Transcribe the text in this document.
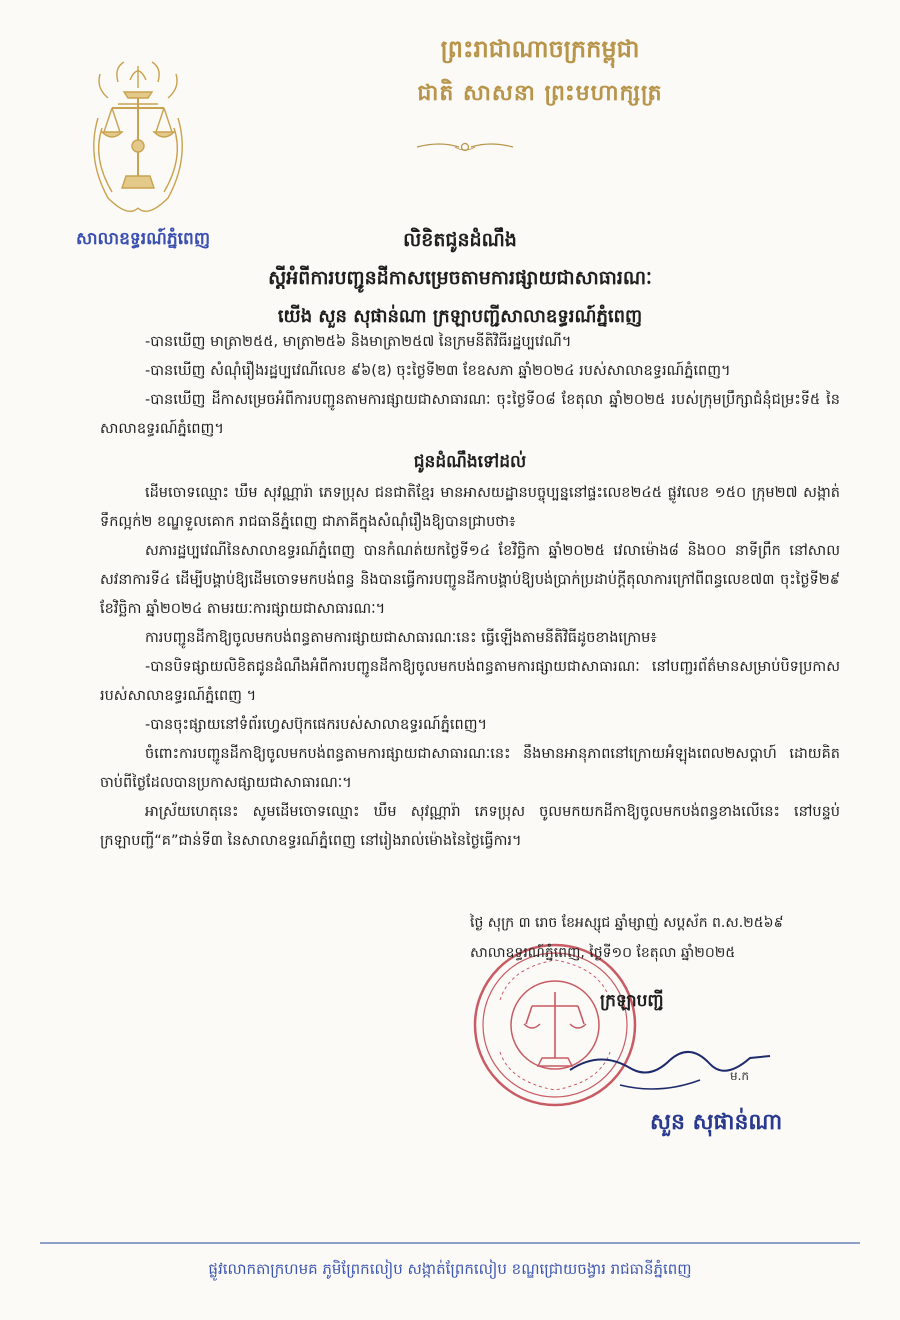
សាលាឧទ្ធរណ៍ភ្នំពេញ
ព្រះរាជាណាចក្រកម្ពុជា
ជាតិ សាសនា ព្រះមហាក្សត្រ
លិខិតជូនដំណឹង
ស្ដីអំពីការបញ្ជូនដីកាសម្រេចតាមការផ្សាយជាសាធារណៈ
យើង សួន សុផាន់ណា ក្រឡាបញ្ជីសាលាឧទ្ធរណ៍ភ្នំពេញ

-បានឃើញ មាត្រា២៥៥, មាត្រា២៥៦ និងមាត្រា២៥៧ នៃក្រមនីតិវិធីរដ្ឋប្បវេណី។

-បានឃើញ សំណុំរឿងរដ្ឋប្បវេណីលេខ ៩៦(ឌ) ចុះថ្ងៃទី២៣ ខែឧសភា ឆ្នាំ២០២៤ របស់សាលាឧទ្ធរណ៍ភ្នំពេញ។

-បានឃើញ ដីកាសម្រេចអំពីការបញ្ជូនតាមការផ្សាយជាសាធារណៈ ចុះថ្ងៃទី០៨ ខែតុលា ឆ្នាំ២០២៥ របស់ក្រុមប្រឹក្សាជំនុំជម្រះទី៥ នៃសាលាឧទ្ធរណ៍ភ្នំពេញ។

ជូនដំណឹងទៅដល់

ដើមចោទឈ្មោះ ឃឹម សុវណ្ណារ៉ា ភេទប្រុស ជនជាតិខ្មែរ មានអាសយដ្ឋានបច្ចុប្បន្ននៅផ្ទះលេខ២៤៥ ផ្លូវលេខ ១៥០ ក្រុម២៧ សង្កាត់ទឹកល្អក់២ ខណ្ឌទួលគោក រាជធានីភ្នំពេញ ជាភាគីក្នុងសំណុំរឿងឱ្យបានជ្រាបថា៖

សភារដ្ឋប្បវេណីនៃសាលាឧទ្ធរណ៍ភ្នំពេញ បានកំណត់យកថ្ងៃទី១៤ ខែវិច្ឆិកា ឆ្នាំ២០២៥ វេលាម៉ោង៨ និង០០ នាទីព្រឹក នៅសាលសវនាការទី៤ ដើម្បីបង្គាប់ឱ្យដើមចោទមកបង់ពន្ធ និងបានធ្វើការបញ្ជូនដីកាបង្គាប់ឱ្យបង់ប្រាក់ប្រដាប់ក្ដីតុលាការក្រៅពីពន្ធលេខ៧៣ ចុះថ្ងៃទី២៩ ខែវិច្ឆិកា ឆ្នាំ២០២៤ តាមរយៈការផ្សាយជាសាធារណៈ។

ការបញ្ជូនដីកាឱ្យចូលមកបង់ពន្ធតាមការផ្សាយជាសាធារណៈនេះ ធ្វើឡើងតាមនីតិវិធីដូចខាងក្រោម៖

-បានបិទផ្សាយលិខិតជូនដំណឹងអំពីការបញ្ជូនដីកាឱ្យចូលមកបង់ពន្ធតាមការផ្សាយជាសាធារណៈ នៅបញ្ជរព័ត៌មានសម្រាប់បិទប្រកាសរបស់សាលាឧទ្ធរណ៍ភ្នំពេញ ។

-បានចុះផ្សាយនៅទំព័រហ្វេសប៊ុកផេករបស់សាលាឧទ្ធរណ៍ភ្នំពេញ។

ចំពោះការបញ្ជូនដីកាឱ្យចូលមកបង់ពន្ធតាមការផ្សាយជាសាធារណៈនេះ នឹងមានអានុភាពនៅក្រោយអំឡុងពេល២សប្ដាហ៍ ដោយគិតចាប់ពីថ្ងៃដែលបានប្រកាសផ្សាយជាសាធារណៈ។

អាស្រ័យហេតុនេះ សូមដើមចោទឈ្មោះ ឃឹម សុវណ្ណារ៉ា ភេទប្រុស ចូលមកយកដីកាឱ្យចូលមកបង់ពន្ធខាងលើនេះ នៅបន្ទប់ក្រឡាបញ្ជី“គ”ជាន់ទី៣ នៃសាលាឧទ្ធរណ៍ភ្នំពេញ នៅរៀងរាល់ម៉ោងនៃថ្ងៃធ្វើការ។

ថ្ងៃ សុក្រ ៣ រោច ខែអស្សុជ ឆ្នាំម្សាញ់ សប្តស័ក ព.ស.២៥៦៩
សាលាឧទ្ធរណ៍ភ្នំពេញ, ថ្ងៃទី១០ ខែតុលា ឆ្នាំ២០២៥
ក្រឡាបញ្ជី
ម.ក
សួន សុផាន់ណា
ផ្លូវលោកតាក្រហមគ ភូមិព្រែកលៀប សង្កាត់ព្រែកលៀប ខណ្ឌជ្រោយចង្វារ រាជធានីភ្នំពេញ
